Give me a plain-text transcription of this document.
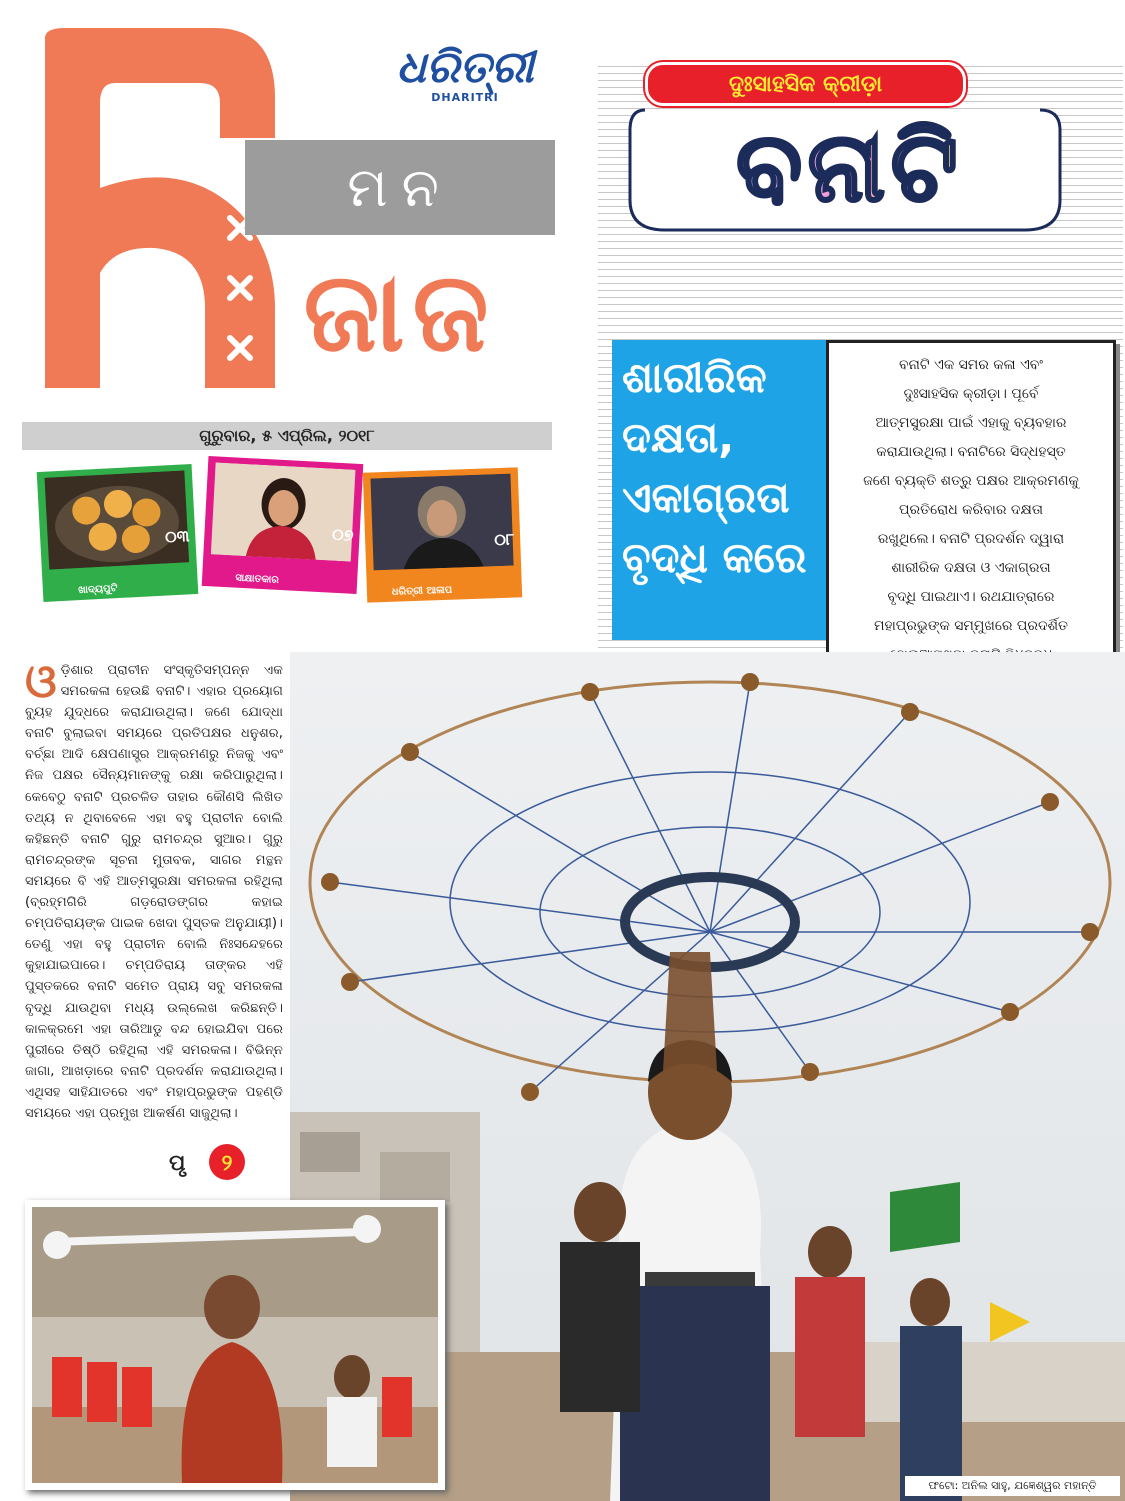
ଧରିତ୍ରୀ
DHARITRI
ମନ
ଜାଜ
ଗୁରୁବାର, ୫ ଏପ୍ରିଲ, ୨୦୧୮
୦୩
ଖାଦ୍ୟପୁଟି
୦୭
ସାକ୍ଷାତକାର
୦୮
ଧରିତ୍ରୀ ଆଳାପ
ଦୁଃସାହସିକ କ୍ରୀଡ଼ା
ବନାଟି
ଶାରୀରିକ
ଦକ୍ଷତା,
ଏକାଗ୍ରତା
ବୃଦ୍ଧି କରେ
ବନାଟି ଏକ ସମର କଳା ଏବଂ
ଦୁଃସାହସିକ କ୍ରୀଡ଼ା। ପୂର୍ବେ
ଆତ୍ମସୁରକ୍ଷା ପାଇଁ ଏହାକୁ ବ୍ୟବହାର
କରାଯାଉଥିଲା। ବନାଟିରେ ସିଦ୍ଧହସ୍ତ
ଜଣେ ବ୍ୟକ୍ତି ଶତ୍ରୁ ପକ୍ଷର ଆକ୍ରମଣକୁ
ପ୍ରତିରୋଧ କରିବାର ଦକ୍ଷତା
ରଖୁଥିଲେ। ବନାଟି ପ୍ରଦର୍ଶନ ଦ୍ୱାରା
ଶାରୀରିକ ଦକ୍ଷତା ଓ ଏକାଗ୍ରତା
ବୃଦ୍ଧି ପାଇଥାଏ। ରଥଯାତ୍ରାରେ
ମହାପ୍ରଭୁଙ୍କ ସମ୍ମୁଖରେ ପ୍ରଦର୍ଶିତ
ଓଡ଼ିଶାର ପ୍ରାଚୀନ ସଂସ୍କୃତିସମ୍ପନ୍ନ ଏକ ସମରକଳା ହେଉଛି ବନାଟି। ଏହାର ପ୍ରୟୋଗ ବ୍ୟୁହ ଯୁଦ୍ଧରେ କରାଯାଉଥିଲା। ଜଣେ ଯୋଦ୍ଧା ବନାଟି ବୁଲାଇବା ସମୟରେ ପ୍ରତିପକ୍ଷର ଧନୁଶର, ବର୍ଚ୍ଛା ଆଦି କ୍ଷେପଣାସ୍ତ୍ର ଆକ୍ରମଣରୁ ନିଜକୁ ଏବଂ ନିଜ ପକ୍ଷର ସୈନ୍ୟମାନଙ୍କୁ ରକ୍ଷା କରିପାରୁଥିଲା। କେବେଠୁ ବନାଟି ପ୍ରଚଳିତ ତାହାର କୌଣସି ଲିଖିତ ତଥ୍ୟ ନ ଥିବାବେଳେ ଏହା ବହୁ ପ୍ରାଚୀନ ବୋଲି କହିଛନ୍ତି ବନାଟି ଗୁରୁ ରାମଚନ୍ଦ୍ର ସୁଆର। ଗୁରୁ ରାମଚନ୍ଦ୍ରଙ୍କ ସୂଚନା ମୁତାବକ, ସାଗର ମନ୍ଥନ ସମୟରେ ବି ଏହି ଆତ୍ମସୁରକ୍ଷା ସମରକଳା ରହିଥିଲା (ବ୍ରହ୍ମଗିରି ଗଡ଼ରୋଡଙ୍ଗର କହାଇ ଚମ୍ପତିରାୟଙ୍କ ପାଇକ ଖେଦା ପୁସ୍ତକ ଅନୁଯାୟୀ)। ତେଣୁ ଏହା ବହୁ ପ୍ରାଚୀନ ବୋଲି ନିଃସନ୍ଦେହରେ କୁହାଯାଇପାରେ। ଚମ୍ପତିରାୟ ତାଙ୍କର ଏହି ପୁସ୍ତକରେ ବନାଟି ସମେତ ପ୍ରାୟ ସବୁ ସମରକଳା ବୃଦ୍ଧି ଯାଉଥିବା ମଧ୍ୟ ଉଲ୍ଲେଖ କରିଛନ୍ତି। କାଳକ୍ରମେ ଏହା ତାରିଆଡୁ ବନ୍ଦ ହୋଇଯିବା ପରେ ପୁରୀରେ ତିଷ୍ଠି ରହିଥିଲା ଏହି ସମରକଳା। ବିଭିନ୍ନ ଜାଗା, ଆଖଡ଼ାରେ ବନାଟି ପ୍ରଦର୍ଶନ କରାଯାଉଥିଲା। ଏଥିସହ ସାହିଯାତରେ ଏବଂ ମହାପ୍ରଭୁଙ୍କ ପହଣ୍ଡି ସମୟରେ ଏହା ପ୍ରମୁଖ ଆକର୍ଷଣ ସାଜୁଥିଲା।
ପୃ ୨
ଫଟୋ: ଅନିଲ ସାହୁ, ଯଜ୍ଞେଶ୍ୱର ମହାନ୍ତି
